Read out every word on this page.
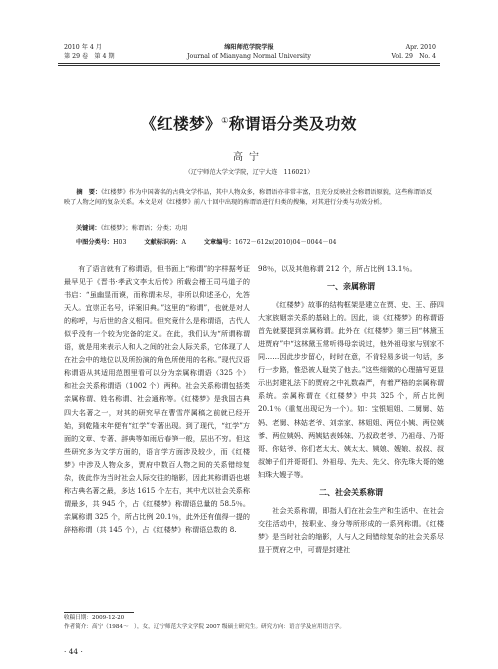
2010 年 4 月
第 29 卷　第 4 期
绵阳师范学院学报
Journal of Mianyang Normal University
Apr. 2010
Vol. 29　No. 4
《红楼梦》①称谓语分类及功效
高宁
（辽宁师范大学文学院，辽宁大连　116021）
摘　要：《红楼梦》作为中国著名的古典文学作品，其中人物众多，称谓语亦非常丰富，且充分反映社会称谓语原貌，这些称谓语反映了人物之间的复杂关系。本文是对《红楼梦》前八十回中出现的称谓语进行归类的搜集，对其进行分类与功效分析。
关键词：《红楼梦》；称谓语；分类；功用
中图分类号：H03	文献标识码：A	文章编号：1672－612x(2010)04－0044－04

有了语言就有了称谓语，但书面上“称谓”的字样据考证最早见于《晋书·孝武文李太后传》所载会稽王司马道子的书启：“虽幽显而谟，而称谓未尽，非所以仰述圣心，允答天人。宜崇正名号，详案旧典。”这里的“称谓”，也就是对人的称呼，与后世的含义相同。但究竟什么是称谓语，古代人似乎没有一个较为完备的定义。在此，我们认为“所谓称谓语，就是用来表示人和人之间的社会人际关系，它体现了人在社会中的地位以及所扮演的角色所使用的名称。”现代汉语称谓语从其适用范围里看可以分为亲属称谓语（325 个）和社会关系称谓语（1002 个）两种。社会关系称谓包括类亲属称谓、姓名称谓、社会通称等。《红楼梦》是我国古典四大名著之一，对其的研究早在曹雪芹属稿之前就已经开始，到乾隆末年便有“红学”专著出现。到了现代，“红学”方面的文章、专著、辞典等如雨后春笋一般，层出不穷。但这些研究多为文学方面的，语言学方面涉及较少，而《红楼梦》中涉及人物众多，贾府中数百人物之间的关系错综复杂，彼此作为当时社会人际交往的缩影，因此其称谓语也堪称古典名著之最，多达 1615 个左右，其中尤以社会关系称谓最多，共 945 个，占《红楼梦》称谓语总量的 58.5％。亲属称谓 325 个，所占比例 20.1％，此外还有值得一提的辞格称谓（共 145 个），占《红楼梦》称谓语总数的 8.

98％，以及其他称谓 212 个，所占比例 13.1％。

一、亲属称谓

《红楼梦》故事的结构框架是建立在贾、史、王、薛四大家族姻亲关系的基础上的。因此，谈《红楼梦》的称谓语首先就要提到亲属称谓。此外在《红楼梦》第三回“林黛玉进贾府”中“这林黛玉常听得母亲说过，他外祖母家与别家不同……因此步步留心，时时在意，不肯轻易多说一句话，多行一步路，惟恐被人耻笑了他去。”这些细微的心理描写更显示出封建礼法下的贾府之中礼数森严，有着严格的亲属称谓系统。亲属称谓在《红楼梦》中共 325 个，所占比例 20.1％（重复出现记为一个）。如：宝银姐姐、二舅舅、姑妈、老舅、林姑老爷、刘亲家、林姐姐、两位小姨、两位姨爹、两位姨妈、两姨姑表姊妹、乃叔政老爷、乃祖母、乃哥哥、你姑爷、你们老太太、姨太太、姨娘、嫂娘、叔叔、叔叔婶子们并哥哥们、外祖母、先夫、先父、你先珠大哥的媳妇珠大嫂子等。

二、社会关系称谓

社会关系称谓，即指人们在社会生产和生活中、在社会交往活动中，按职业、身分等所形成的一系列称谓。《红楼梦》是当时社会的缩影，人与人之间错综复杂的社会关系尽显于贾府之中，可谓是封建社

收稿日期：2009-12-20
作者简介：高宁（1984～　），女，辽宁师范大学文学院 2007 级硕士研究生。研究方向：语言学及应用语言学。
· 44 ·
